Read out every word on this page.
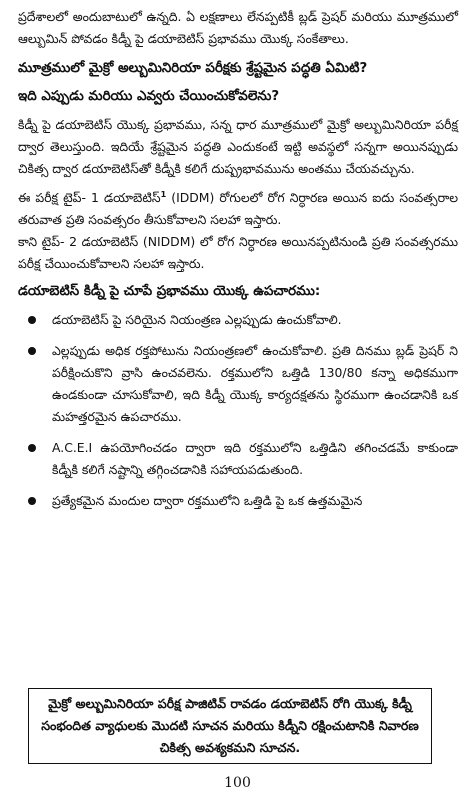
ప్రదేశాలలో అందుబాటులో ఉన్నది. ఏ లక్షణాలు లేనప్పటికీ బ్లడ్ ప్రెషర్ మరియు మూత్రములో ఆల్బుమిన్ పోవడం కిడ్నీ పై డయాబెటిస్ ప్రభావము యొక్క సంకేతాలు.

మూత్రములో మైక్రో అల్బుమినిరియా పరీక్షకు శ్రేష్టమైన పద్ధతి ఏమిటి?

ఇది ఎప్పుడు మరియు ఎవ్వరు చేయించుకోవలెను?

కిడ్నీ పై డయాబెటిస్ యొక్క ప్రభావము, సన్న ధార మూత్రములో మైక్రో అల్బుమినిరియా పరీక్ష ద్వార తెలుస్తుంది. ఇదియే శ్రేష్టమైన పద్ధతి ఎందుకంటే ఇట్టి అవస్థలో సన్నగా అయినప్పుడు చికిత్స ద్వార డయాబెటిస్‌తో కిడ్నీకి కలిగే దుష్ప్రభావమును అంతము చేయవచ్చును.

ఈ పరీక్ష టైప్- 1 డయాబెటిస్$^1$ (IDDM) రోగులలో రోగ నిర్ధారణ అయిన ఐదు సంవత్సరాల తరువాత ప్రతి సంవత్సరం తీసుకోవాలని సలహా ఇస్తారు.

కాని టైప్- 2 డయాబెటిస్ (NIDDM) లో రోగ నిర్ధారణ అయినప్పటినుండి ప్రతి సంవత్సరము పరీక్ష చేయించుకోవాలని సలహా ఇస్తారు.

డయాబెటిస్ కిడ్నీ పై చూపే ప్రభావము యొక్క ఉపచారము:

డయాబెటిస్ పై సరియైన నియంత్రణ ఎల్లప్పుడు ఉంచుకోవాలి.
ఎల్లప్పుడు అధిక రక్తపోటును నియంత్రణలో ఉంచుకోవాలి. ప్రతి దినము బ్లడ్ ప్రెషర్ ని పరీక్షించుకొని వ్రాసి ఉంచవలెను. రక్తములోని ఒత్తిడి 130/80 కన్నా అధికముగా ఉండకుండా చూసుకోవాలి, ఇది కిడ్నీ యొక్క కార్యదక్షతను స్థిరముగా ఉంచడానికి ఒక మహత్తరమైన ఉపచారము.
A.C.E.I ఉపయోగించడం ద్వారా ఇది రక్తములోని ఒత్తిడిని తగించడమే కాకుండా కిడ్నీకి కలిగే నష్టాన్ని తగ్గించడానికి సహాయపడుతుంది.
ప్రత్యేకమైన మందుల ద్వారా రక్తములోని ఒత్తిడి పై ఒక ఉత్తమమైన
మైక్రో అల్బుమినిరియా పరీక్ష పాజిటివ్ రావడం డయాబెటిస్ రోగి యొక్క కిడ్నీ సంభందిత వ్యాధులకు మొదటి సూచన మరియు కిడ్నీని రక్షించుటానికి నివారణ చికిత్స అవశ్యకమని సూచన.
100
